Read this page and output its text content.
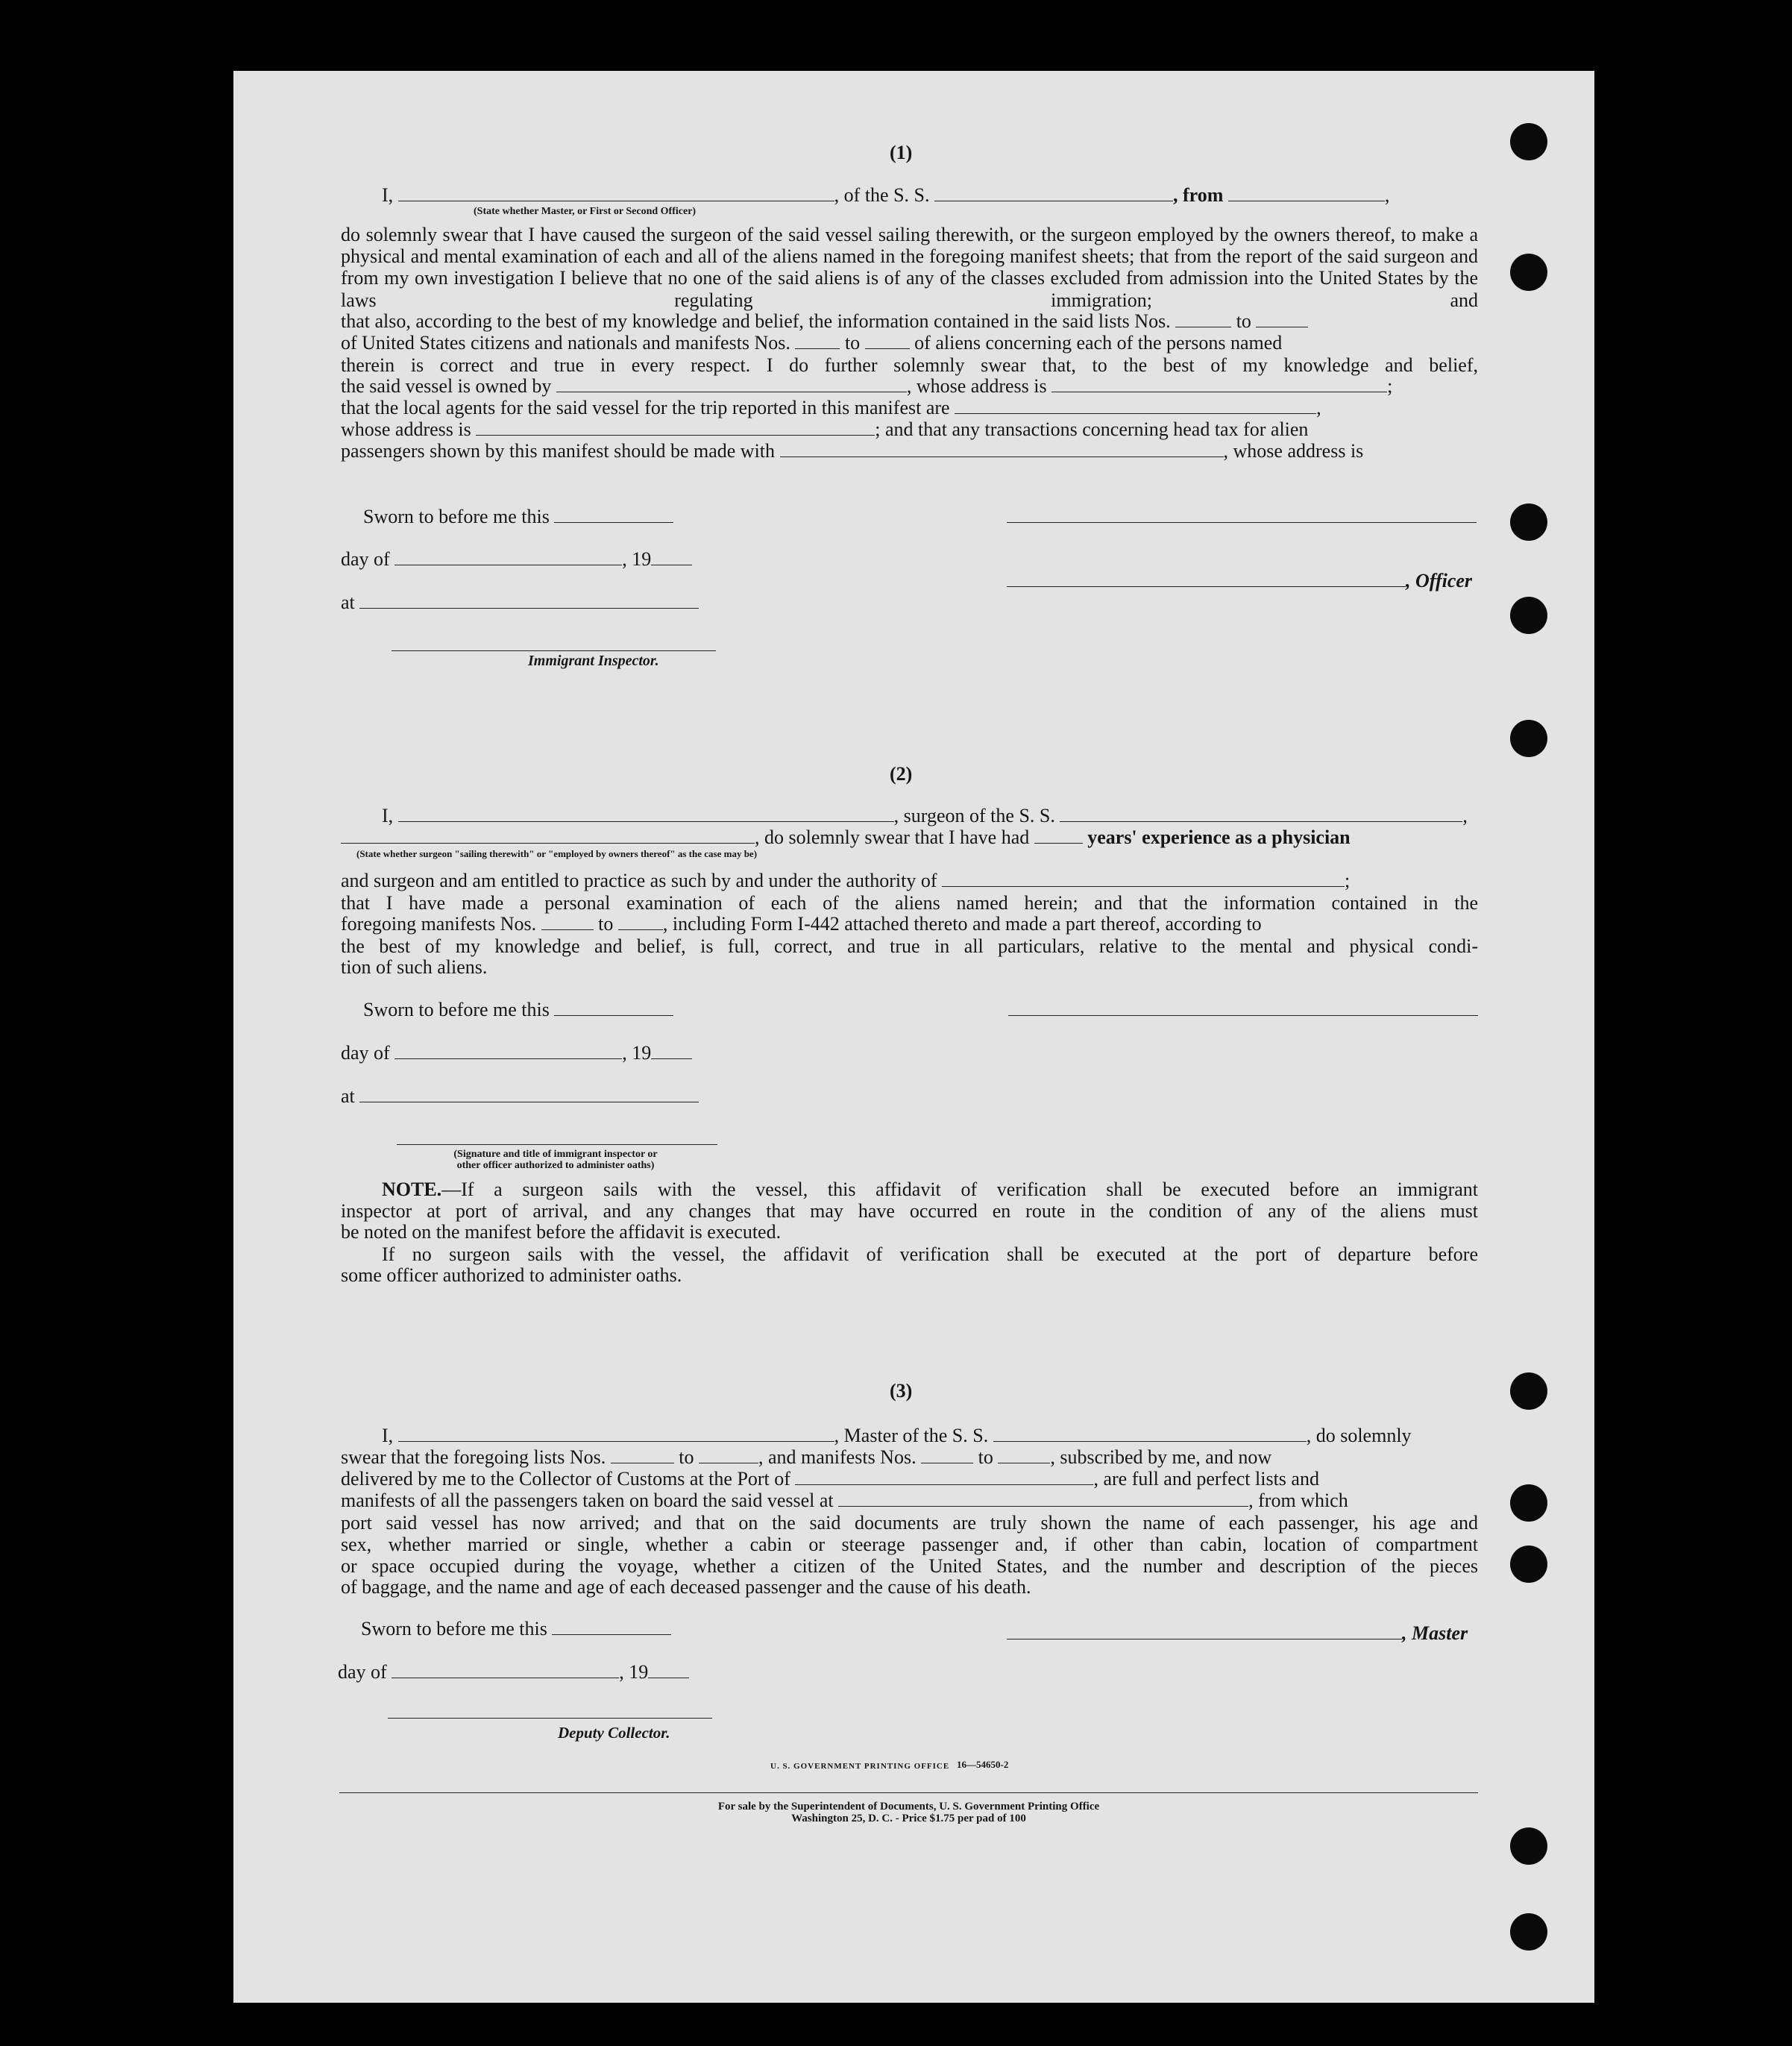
(1)
I,	, of the S. S.	, from	,
(State whether Master, or First or Second Officer)
do solemnly swear that I have caused the surgeon of the said vessel sailing therewith, or the surgeon employed by the owners thereof, to make a physical and mental examination of each and all of the aliens named in the foregoing manifest sheets; that from the report of the said surgeon and from my own investigation I believe that no one of the said aliens is of any of the classes excluded from admission into the United States by the laws regulating immigration; and
that also, according to the best of my knowledge and belief, the information contained in the said lists Nos.	to
of United States citizens and nationals and manifests Nos.	to	of aliens concerning each of the persons named
therein is correct and true in every respect. I do further solemnly swear that, to the best of my knowledge and belief,
the said vessel is owned by	, whose address is	;
that the local agents for the said vessel for the trip reported in this manifest are	,
whose address is	; and that any transactions concerning head tax for alien
passengers shown by this manifest should be made with	, whose address is
Sworn to before me this
day of	, 19
, Officer
at
Immigrant Inspector.
(2)
I,	, surgeon of the S. S.	,
, do solemnly swear that I have had	years' experience as a physician
(State whether surgeon "sailing therewith" or "employed by owners thereof" as the case may be)
and surgeon and am entitled to practice as such by and under the authority of	;
that I have made a personal examination of each of the aliens named herein; and that the information contained in the
foregoing manifests Nos.	to	, including Form I-442 attached thereto and made a part thereof, according to
the best of my knowledge and belief, is full, correct, and true in all particulars, relative to the mental and physical condi-
tion of such aliens.
Sworn to before me this
day of	, 19
at
(Signature and title of immigrant inspector or
other officer authorized to administer oaths)
NOTE.—If a surgeon sails with the vessel, this affidavit of verification shall be executed before an immigrant
inspector at port of arrival, and any changes that may have occurred en route in the condition of any of the aliens must
be noted on the manifest before the affidavit is executed.
If no surgeon sails with the vessel, the affidavit of verification shall be executed at the port of departure before
some officer authorized to administer oaths.
(3)
I,	, Master of the S. S.	, do solemnly
swear that the foregoing lists Nos.	to	, and manifests Nos.	to	, subscribed by me, and now
delivered by me to the Collector of Customs at the Port of	, are full and perfect lists and
manifests of all the passengers taken on board the said vessel at	, from which
port said vessel has now arrived; and that on the said documents are truly shown the name of each passenger, his age and
sex, whether married or single, whether a cabin or steerage passenger and, if other than cabin, location of compartment
or space occupied during the voyage, whether a citizen of the United States, and the number and description of the pieces
of baggage, and the name and age of each deceased passenger and the cause of his death.
Sworn to before me this	, Master
day of	, 19
Deputy Collector.
U. S. GOVERNMENT PRINTING OFFICE 16—54650-2
For sale by the Superintendent of Documents, U. S. Government Printing Office
Washington 25, D. C. - Price $1.75 per pad of 100
